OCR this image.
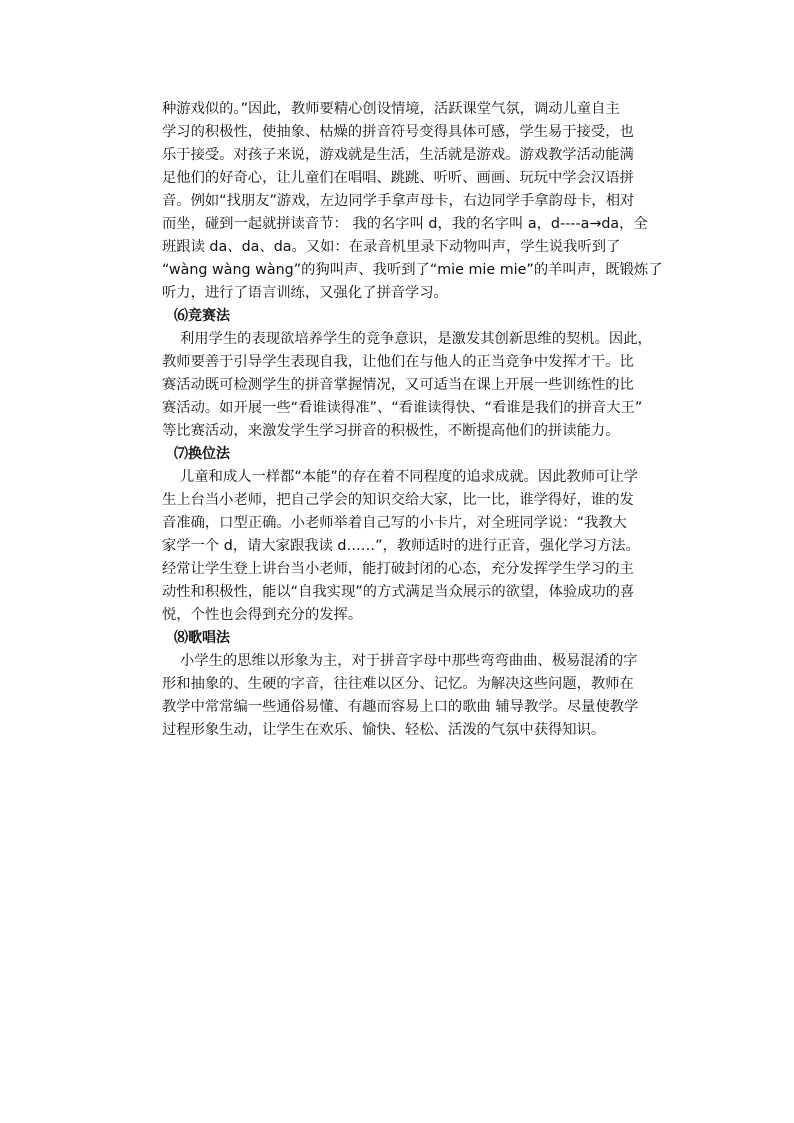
种游戏似的。”因此，教师要精心创设情境，活跃课堂气氛，调动儿童自主
学习的积极性，使抽象、枯燥的拼音符号变得具体可感，学生易于接受，也
乐于接受。对孩子来说，游戏就是生活，生活就是游戏。游戏教学活动能满
足他们的好奇心，让儿童们在唱唱、跳跳、听听、画画、玩玩中学会汉语拼
音。例如“找朋友”游戏，左边同学手拿声母卡，右边同学手拿韵母卡，相对
而坐，碰到一起就拼读音节： 我的名字叫 d，我的名字叫 a，d----a→da，全
班跟读 da、da、da。又如：在录音机里录下动物叫声，学生说我听到了
“wàng wàng wàng”的狗叫声、我听到了“mie mie mie”的羊叫声，既锻炼了
听力，进行了语言训练，又强化了拼音学习。
⑹竞赛法
利用学生的表现欲培养学生的竞争意识，是激发其创新思维的契机。因此，
教师要善于引导学生表现自我，让他们在与他人的正当竞争中发挥才干。比
赛活动既可检测学生的拼音掌握情况，又可适当在课上开展一些训练性的比
赛活动。如开展一些“看谁读得准”、“看谁读得快、“看谁是我们的拼音大王”
等比赛活动，来激发学生学习拼音的积极性，不断提高他们的拼读能力。
⑺换位法
儿童和成人一样都“本能”的存在着不同程度的追求成就。因此教师可让学
生上台当小老师，把自己学会的知识交给大家，比一比，谁学得好，谁的发
音准确，口型正确。小老师举着自己写的小卡片，对全班同学说：“我教大
家学一个 d，请大家跟我读 d……”，教师适时的进行正音，强化学习方法。
经常让学生登上讲台当小老师，能打破封闭的心态，充分发挥学生学习的主
动性和积极性，能以“自我实现”的方式满足当众展示的欲望，体验成功的喜
悦，个性也会得到充分的发挥。
⑻歌唱法
小学生的思维以形象为主，对于拼音字母中那些弯弯曲曲、极易混淆的字
形和抽象的、生硬的字音，往往难以区分、记忆。为解决这些问题，教师在
教学中常常编一些通俗易懂、有趣而容易上口的歌曲 辅导教学。尽量使教学
过程形象生动，让学生在欢乐、愉快、轻松、活泼的气氛中获得知识。
